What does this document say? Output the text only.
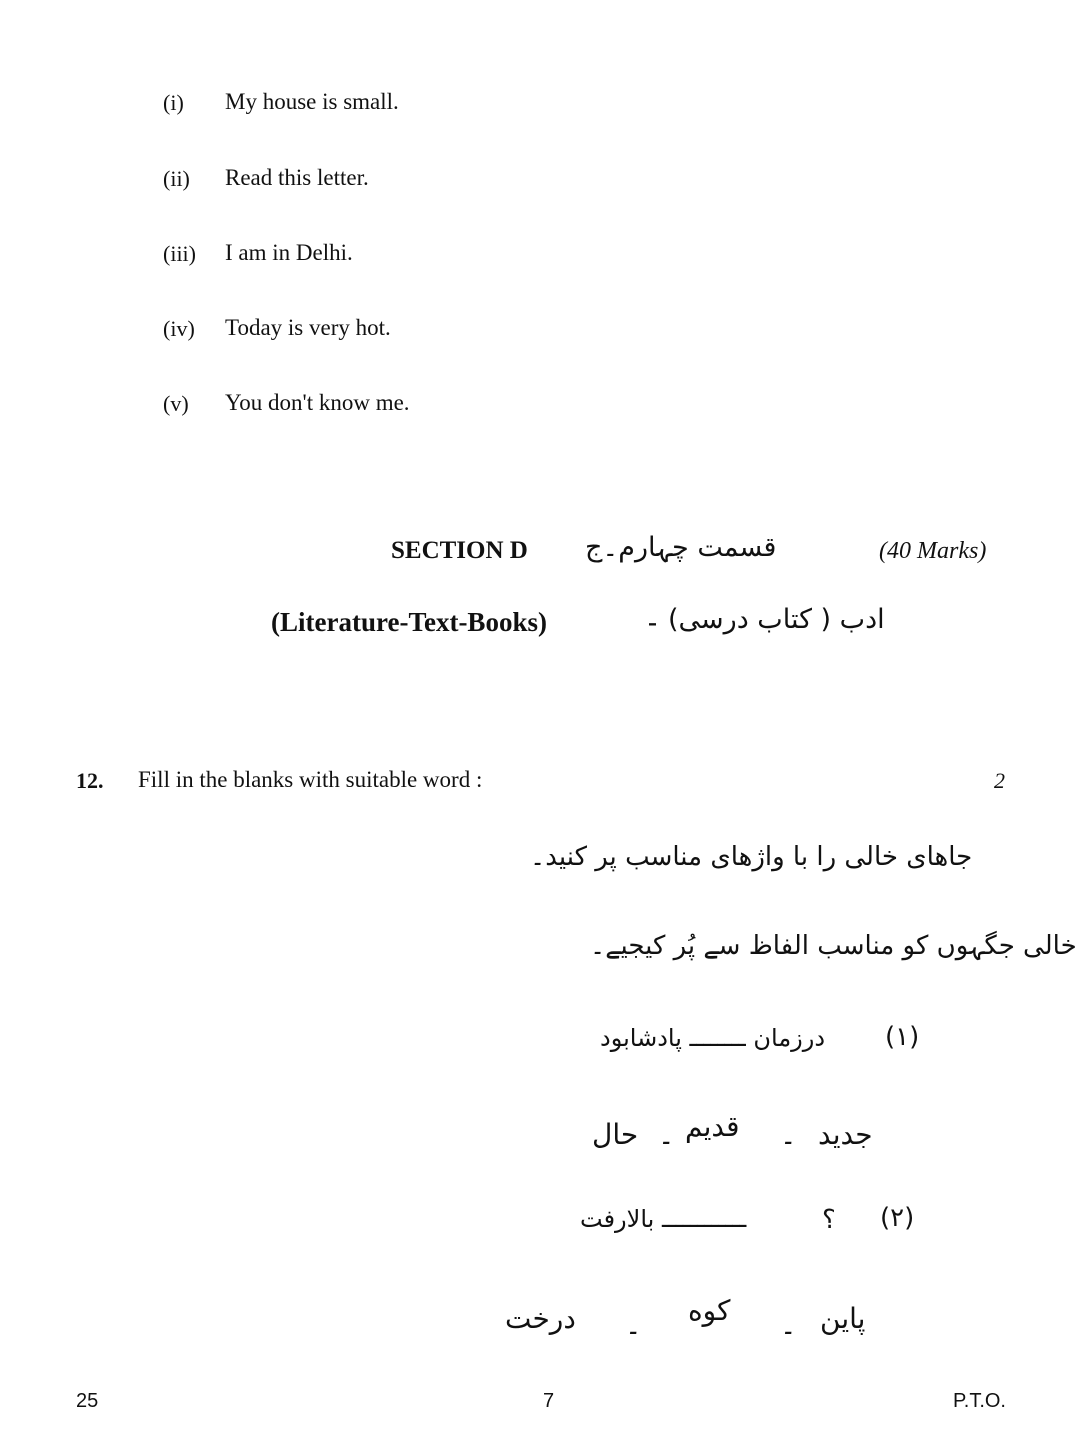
(i) My house is small.
(ii) Read this letter.
(iii) I am in Delhi.
(iv) Today is very hot.
(v) You don't know me.
SECTION D قسمت چہارم۔ج	(40 Marks)
(Literature-Text-Books)	- ادب ( کتاب درسی)
12. Fill in the blanks with suitable word :	2
جاهای خالی را با واژهای مناسب پر کنید۔
خالی جگہوں کو مناسب الفاظ سے پُر کیجیے۔
(۱)
درزمان ــــــــ پادشابود
جدید
۔
قدیم
۔
حال
(۲)
؟
ــــــــــــ بالارفت
پاین
۔
کوه
۔
درخت
25	7	P.T.O.
